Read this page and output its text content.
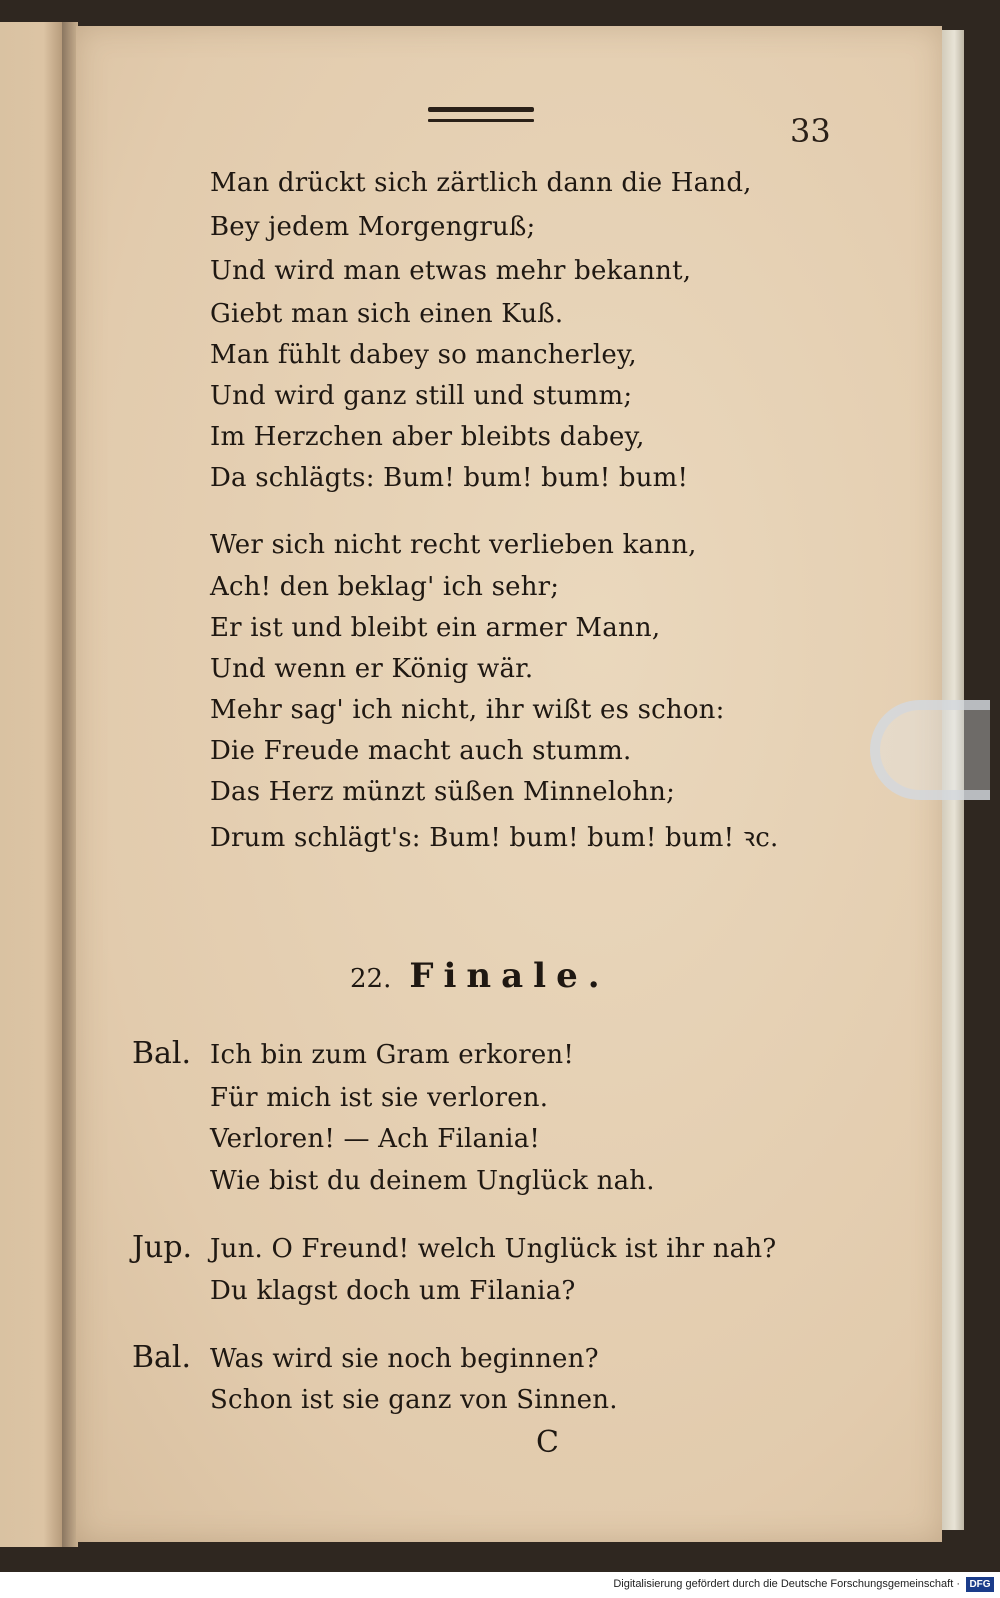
33
Man drückt sich zärtlich dann die Hand,
Bey jedem Morgengruß;
Und wird man etwas mehr bekannt,
Giebt man sich einen Kuß.
Man fühlt dabey so mancherley,
Und wird ganz still und stumm;
Im Herzchen aber bleibts dabey,
Da schlägts: Bum! bum! bum! bum!
Wer sich nicht recht verlieben kann,
Ach! den beklag' ich sehr;
Er ist und bleibt ein armer Mann,
Und wenn er König wär.
Mehr sag' ich nicht, ihr wißt es schon:
Die Freude macht auch stumm.
Das Herz münzt süßen Minnelohn;
Drum schlägt's: Bum! bum! bum! bum! ꝛc.
22. Finale.
Bal. Ich bin zum Gram erkoren!
Für mich ist sie verloren.
Verloren! — Ach Filania!
Wie bist du deinem Unglück nah.
Jup. Jun. O Freund! welch Unglück ist ihr nah?
Du klagst doch um Filania?
Bal. Was wird sie noch beginnen?
Schon ist sie ganz von Sinnen.
C
Digitalisierung gefördert durch die Deutsche Forschungsgemeinschaft · DFG
